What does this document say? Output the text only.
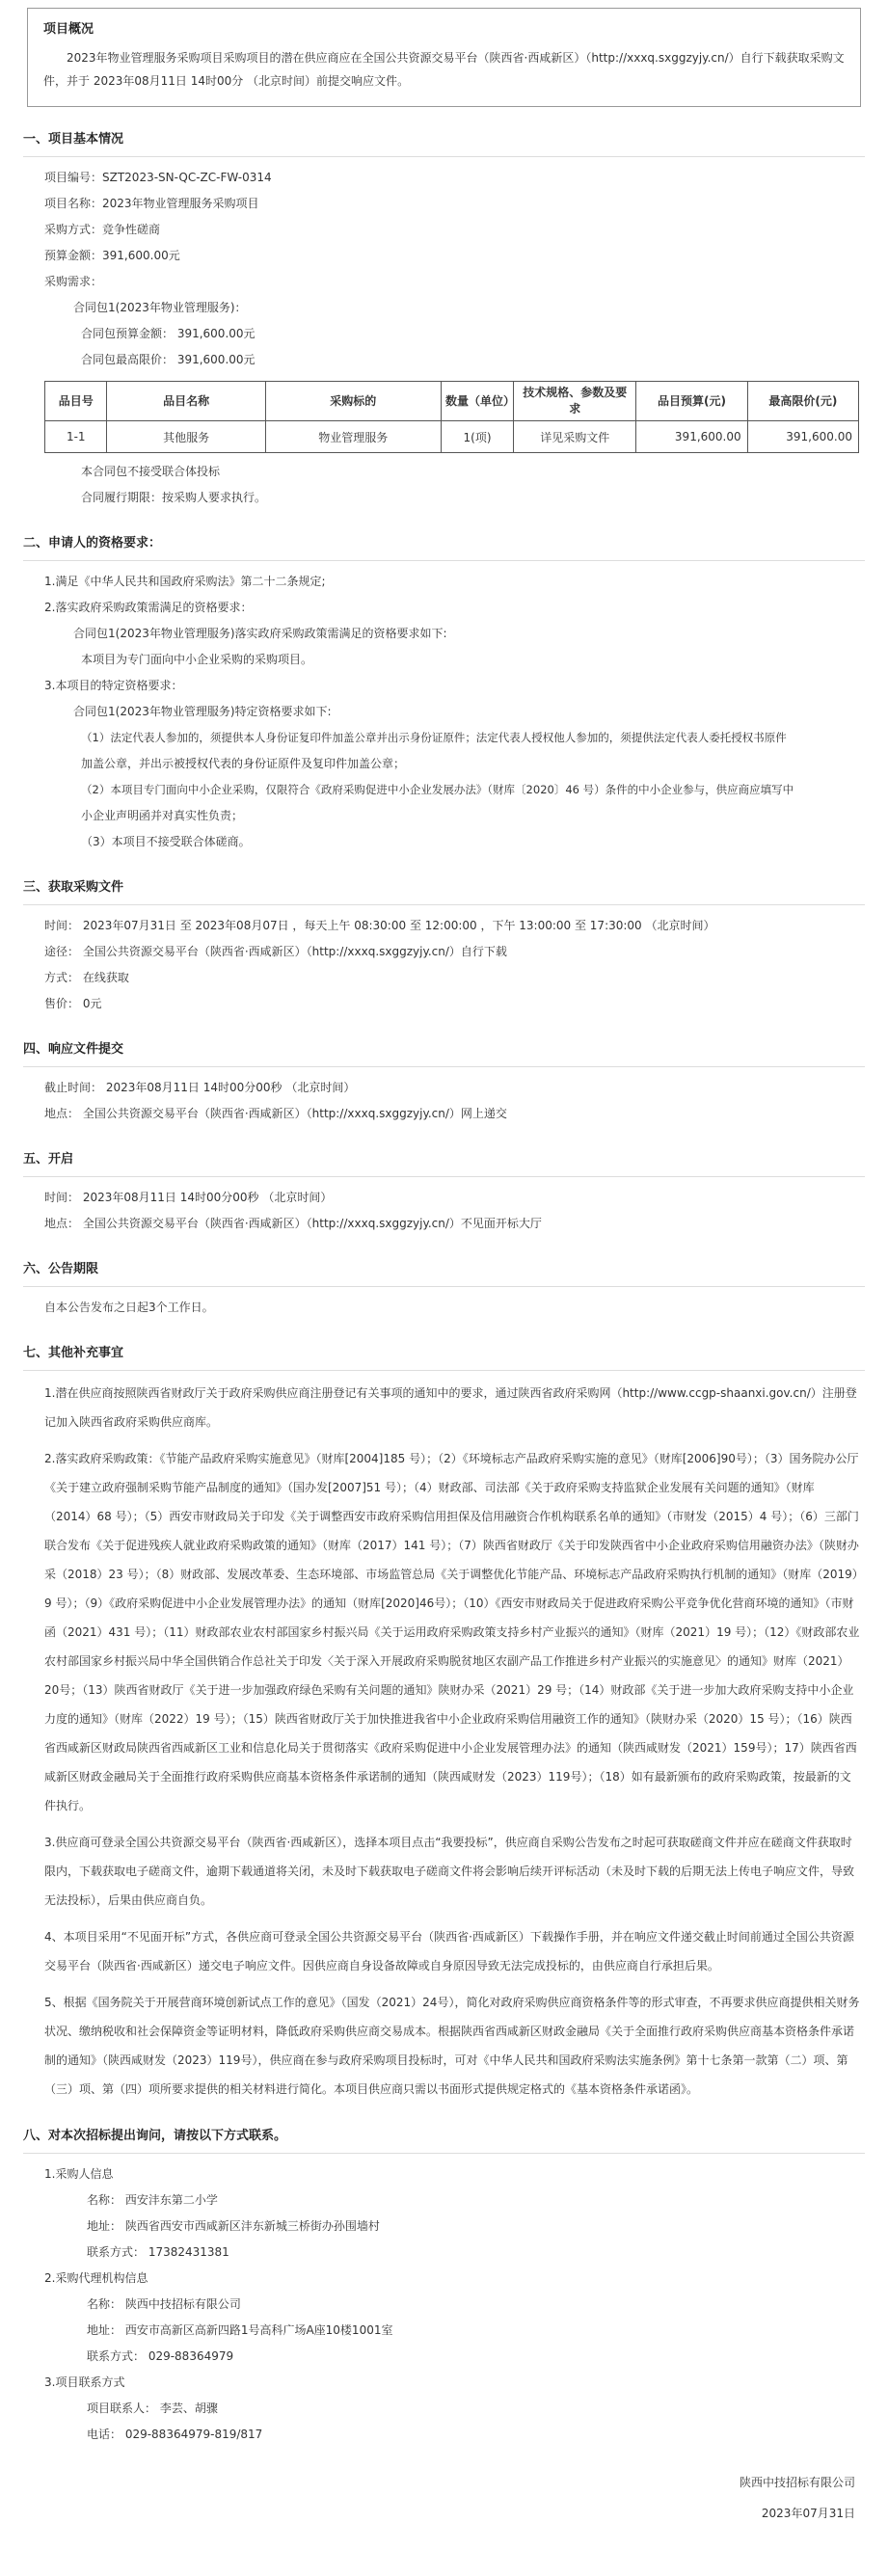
项目概况
2023年物业管理服务采购项目采购项目的潜在供应商应在全国公共资源交易平台（陕西省·西咸新区）（http://xxxq.sxggzyjy.cn/）自行下载获取采购文件，并于 2023年08月11日 14时00分 （北京时间）前提交响应文件。
一、项目基本情况
项目编号：SZT2023-SN-QC-ZC-FW-0314
项目名称：2023年物业管理服务采购项目
采购方式：竞争性磋商
预算金额：391,600.00元
采购需求：
合同包1(2023年物业管理服务)：
合同包预算金额： 391,600.00元
合同包最高限价： 391,600.00元
品目号	品目名称	采购标的	数量（单位）	技术规格、参数及要求	品目预算(元)	最高限价(元)
1-1	其他服务	物业管理服务	1(项)	详见采购文件	391,600.00	391,600.00
本合同包不接受联合体投标
合同履行期限：按采购人要求执行。
二、申请人的资格要求：
1.满足《中华人民共和国政府采购法》第二十二条规定;
2.落实政府采购政策需满足的资格要求：
合同包1(2023年物业管理服务)落实政府采购政策需满足的资格要求如下:
本项目为专门面向中小企业采购的采购项目。
3.本项目的特定资格要求：
合同包1(2023年物业管理服务)特定资格要求如下:
（1）法定代表人参加的，须提供本人身份证复印件加盖公章并出示身份证原件；法定代表人授权他人参加的，须提供法定代表人委托授权书原件
加盖公章，并出示被授权代表的身份证原件及复印件加盖公章；
（2）本项目专门面向中小企业采购，仅限符合《政府采购促进中小企业发展办法》（财库〔2020〕46 号）条件的中小企业参与，供应商应填写中
小企业声明函并对真实性负责；
（3）本项目不接受联合体磋商。
三、获取采购文件
时间： 2023年07月31日 至 2023年08月07日 ，每天上午 08:30:00 至 12:00:00 ，下午 13:00:00 至 17:30:00 （北京时间）
途径： 全国公共资源交易平台（陕西省·西咸新区）（http://xxxq.sxggzyjy.cn/）自行下载
方式： 在线获取
售价： 0元
四、响应文件提交
截止时间： 2023年08月11日 14时00分00秒 （北京时间）
地点： 全国公共资源交易平台（陕西省·西咸新区）（http://xxxq.sxggzyjy.cn/）网上递交
五、开启
时间： 2023年08月11日 14时00分00秒 （北京时间）
地点： 全国公共资源交易平台（陕西省·西咸新区）（http://xxxq.sxggzyjy.cn/）不见面开标大厅
六、公告期限
自本公告发布之日起3个工作日。
七、其他补充事宜

1.潜在供应商按照陕西省财政厅关于政府采购供应商注册登记有关事项的通知中的要求，通过陕西省政府采购网（http://www.ccgp-shaanxi.gov.cn/）注册登记加入陕西省政府采购供应商库。

2.落实政府采购政策：《节能产品政府采购实施意见》（财库[2004]185 号）；（2）《环境标志产品政府采购实施的意见》（财库[2006]90号）；（3）国务院办公厅《关于建立政府强制采购节能产品制度的通知》（国办发[2007]51 号）；（4）财政部、司法部《关于政府采购支持监狱企业发展有关问题的通知》（财库（2014）68 号）；（5）西安市财政局关于印发《关于调整西安市政府采购信用担保及信用融资合作机构联系名单的通知》（市财发（2015）4 号）；（6）三部门联合发布《关于促进残疾人就业政府采购政策的通知》（财库（2017）141 号）；（7）陕西省财政厅《关于印发陕西省中小企业政府采购信用融资办法》（陕财办采（2018）23 号）；（8）财政部、发展改革委、生态环境部、市场监管总局《关于调整优化节能产品、环境标志产品政府采购执行机制的通知》（财库（2019）9 号）；（9）《政府采购促进中小企业发展管理办法》的通知（财库[2020]46号）；（10）《西安市财政局关于促进政府采购公平竞争优化营商环境的通知》（市财函（2021）431 号）；（11）财政部农业农村部国家乡村振兴局《关于运用政府采购政策支持乡村产业振兴的通知》（财库（2021）19 号）；（12）《财政部农业农村部国家乡村振兴局中华全国供销合作总社关于印发〈关于深入开展政府采购脱贫地区农副产品工作推进乡村产业振兴的实施意见〉的通知》财库（2021）20号；（13）陕西省财政厅《关于进一步加强政府绿色采购有关问题的通知》陕财办采（2021）29 号；（14）财政部《关于进一步加大政府采购支持中小企业力度的通知》（财库（2022）19 号）；（15）陕西省财政厅关于加快推进我省中小企业政府采购信用融资工作的通知》（陕财办采（2020）15 号）；（16）陕西省西咸新区财政局陕西省西咸新区工业和信息化局关于贯彻落实《政府采购促进中小企业发展管理办法》的通知（陕西咸财发（2021）159号）；17）陕西省西咸新区财政金融局关于全面推行政府采购供应商基本资格条件承诺制的通知（陕西咸财发（2023）119号）；（18）如有最新颁布的政府采购政策，按最新的文件执行。

3.供应商可登录全国公共资源交易平台（陕西省·西咸新区），选择本项目点击“我要投标”，供应商自采购公告发布之时起可获取磋商文件并应在磋商文件获取时限内，下载获取电子磋商文件，逾期下载通道将关闭，未及时下载获取电子磋商文件将会影响后续开评标活动（未及时下载的后期无法上传电子响应文件，导致无法投标），后果由供应商自负。

4、本项目采用“不见面开标”方式，各供应商可登录全国公共资源交易平台（陕西省·西咸新区）下载操作手册，并在响应文件递交截止时间前通过全国公共资源交易平台（陕西省·西咸新区）递交电子响应文件。因供应商自身设备故障或自身原因导致无法完成投标的，由供应商自行承担后果。

5、根据《国务院关于开展营商环境创新试点工作的意见》（国发（2021）24号），简化对政府采购供应商资格条件等的形式审查，不再要求供应商提供相关财务状况、缴纳税收和社会保障资金等证明材料，降低政府采购供应商交易成本。根据陕西省西咸新区财政金融局《关于全面推行政府采购供应商基本资格条件承诺制的通知》（陕西咸财发（2023）119号），供应商在参与政府采购项目投标时，可对《中华人民共和国政府采购法实施条例》第十七条第一款第（二）项、第（三）项、第（四）项所要求提供的相关材料进行简化。本项目供应商只需以书面形式提供规定格式的《基本资格条件承诺函》。

八、对本次招标提出询问，请按以下方式联系。
1.采购人信息
名称： 西安沣东第二小学
地址： 陕西省西安市西咸新区沣东新城三桥街办孙围墙村
联系方式： 17382431381
2.采购代理机构信息
名称： 陕西中技招标有限公司
地址： 西安市高新区高新四路1号高科广场A座10楼1001室
联系方式： 029-88364979
3.项目联系方式
项目联系人： 李芸、胡骤
电话： 029-88364979-819/817
陕西中技招标有限公司
2023年07月31日
